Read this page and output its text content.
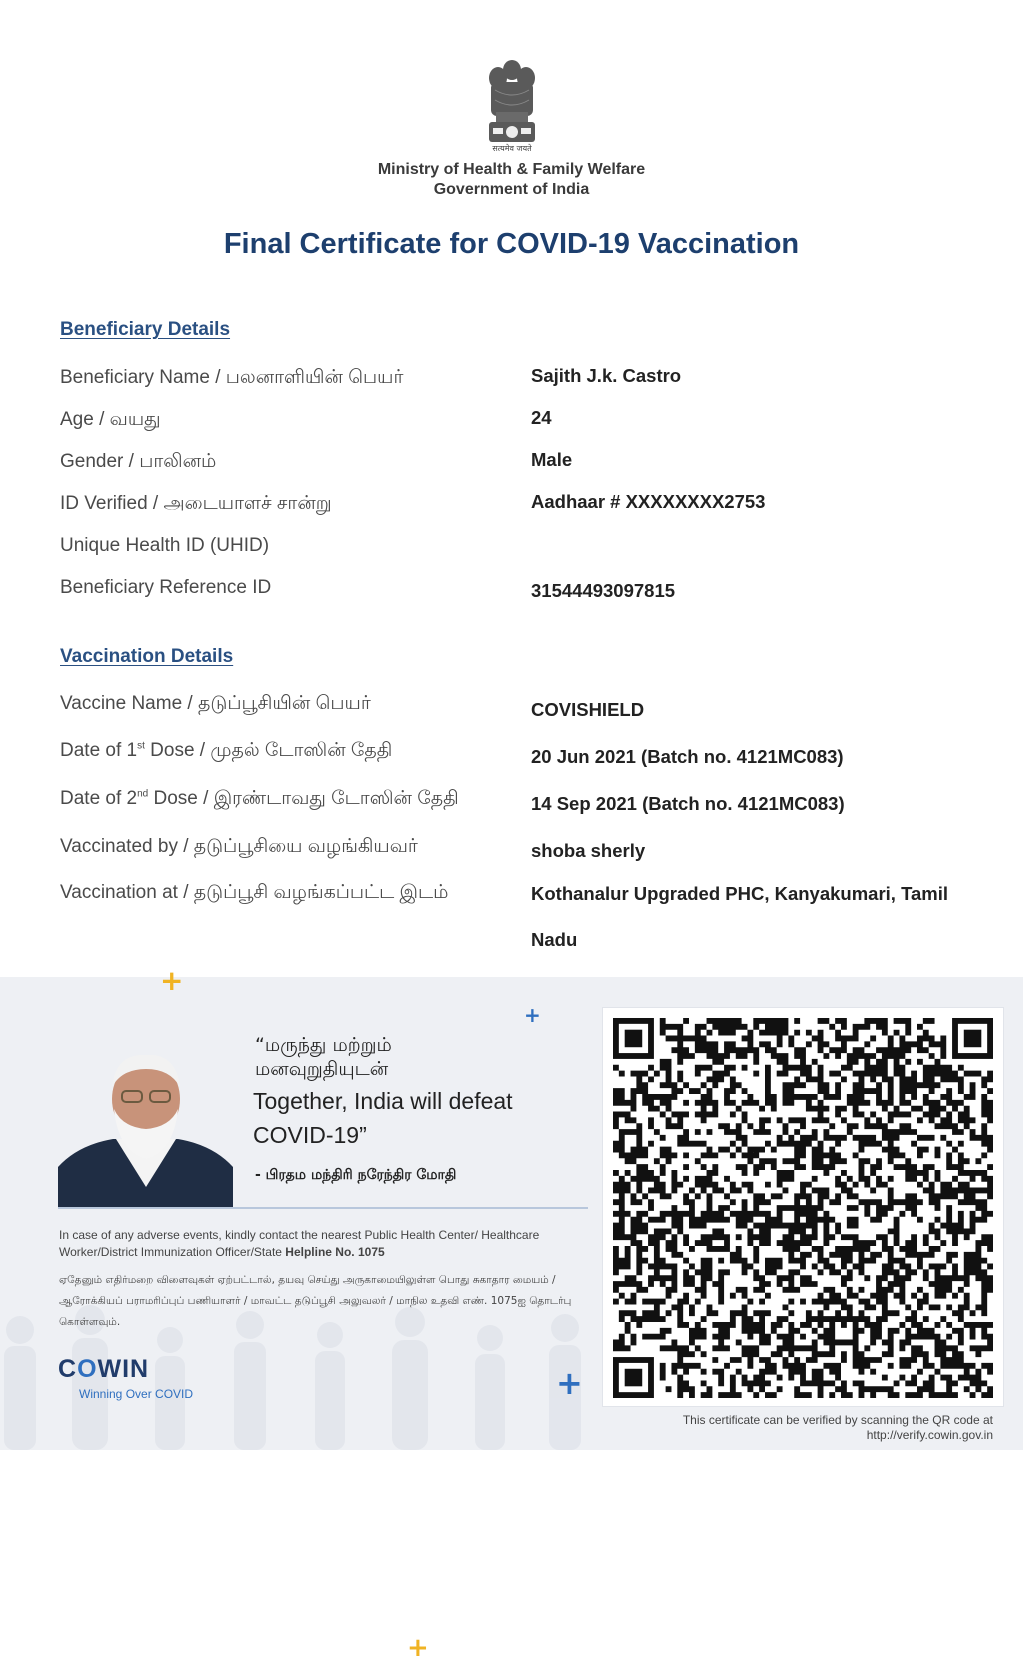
सत्यमेव जयते
Ministry of Health & Family Welfare
Government of India
Final Certificate for COVID-19 Vaccination
Beneficiary Details
Beneficiary Name / பலனாளியின் பெயர்	Sajith J.k. Castro
Age / வயது	24
Gender / பாலினம்	Male
ID Verified / அடையாளச் சான்று	Aadhaar # XXXXXXXX2753
Unique Health ID (UHID)
Beneficiary Reference ID	31544493097815
Vaccination Details
Vaccine Name / தடுப்பூசியின் பெயர்	COVISHIELD
Date of 1st Dose / முதல் டோஸின் தேதி	20 Jun 2021 (Batch no. 4121MC083)
Date of 2nd Dose / இரண்டாவது டோஸின் தேதி	14 Sep 2021 (Batch no. 4121MC083)
Vaccinated by / தடுப்பூசியை வழங்கியவர்	shoba sherly
Vaccination at / தடுப்பூசி வழங்கப்பட்ட இடம்	Kothanalur Upgraded PHC, Kanyakumari, Tamil Nadu
+
+
+
“மருந்து மற்றும்
மனவுறுதியுடன்
Together, India will defeat COVID-19”
- பிரதம மந்திரி நரேந்திர மோதி
In case of any adverse events, kindly contact the nearest Public Health Center/ Healthcare Worker/District Immunization Officer/State Helpline No. 1075
ஏதேனும் எதிர்மறை விளைவுகள் ஏற்பட்டால், தயவு செய்து அருகாமையிலுள்ள பொது சுகாதார மையம் / ஆரோக்கியப் பராமரிப்புப் பணியாளர் / மாவட்ட தடுப்பூசி அலுவலர் / மாநில உதவி எண். 1075ஐ தொடர்பு கொள்ளவும்.
COWIN
Winning Over COVID	+
This certificate can be verified by scanning the QR code at
http://verify.cowin.gov.in
